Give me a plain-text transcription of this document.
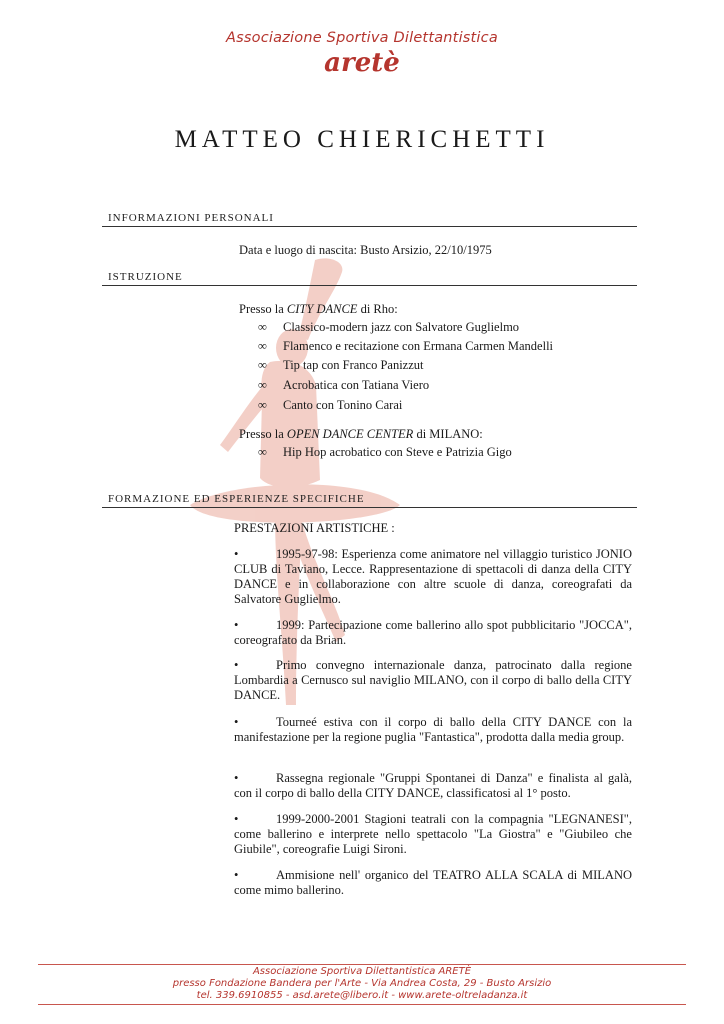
Associazione Sportiva Dilettantistica
aretè
MATTEO CHIERICHETTI
INFORMAZIONI PERSONALI
Data e luogo di nascita: Busto Arsizio, 22/10/1975
ISTRUZIONE
Presso la CITY DANCE di Rho:
∞ Classico-modern jazz con Salvatore Guglielmo
∞ Flamenco e recitazione con Ermana Carmen Mandelli
∞ Tip tap con Franco Panizzut
∞ Acrobatica con Tatiana Viero
∞ Canto con Tonino Carai
Presso la OPEN DANCE CENTER di MILANO:
∞ Hip Hop acrobatico con Steve e Patrizia Gigo
FORMAZIONE ED ESPERIENZE SPECIFICHE
PRESTAZIONI ARTISTICHE :
•	1995-97-98: Esperienza come animatore nel villaggio turistico JONIO CLUB di Taviano, Lecce. Rappresentazione di spettacoli di danza della CITY DANCE e in collaborazione con altre scuole di danza, coreografati da Salvatore Guglielmo.
•	1999: Partecipazione come ballerino allo spot pubblicitario "JOCCA", coreografato da Brian.
•	Primo convegno internazionale danza, patrocinato dalla regione Lombardia a Cernusco sul naviglio MILANO, con il corpo di ballo della CITY DANCE.
•	Tourneé estiva con il corpo di ballo della CITY DANCE con la manifestazione per la regione puglia "Fantastica", prodotta dalla media group.
•	Rassegna regionale "Gruppi Spontanei di Danza" e finalista al galà, con il corpo di ballo della CITY DANCE, classificatosi al 1° posto.
•	1999-2000-2001 Stagioni teatrali con la compagnia "LEGNANESI", come ballerino e interprete nello spettacolo "La Giostra" e "Giubileo che Giubile", coreografie Luigi Sironi.
•	Ammisione nell' organico del TEATRO ALLA SCALA di MILANO come mimo ballerino.
Associazione Sportiva Dilettantistica ARETÈ
presso Fondazione Bandera per l'Arte - Via Andrea Costa, 29 - Busto Arsizio
tel. 339.6910855 - asd.arete@libero.it - www.arete-oltreladanza.it
